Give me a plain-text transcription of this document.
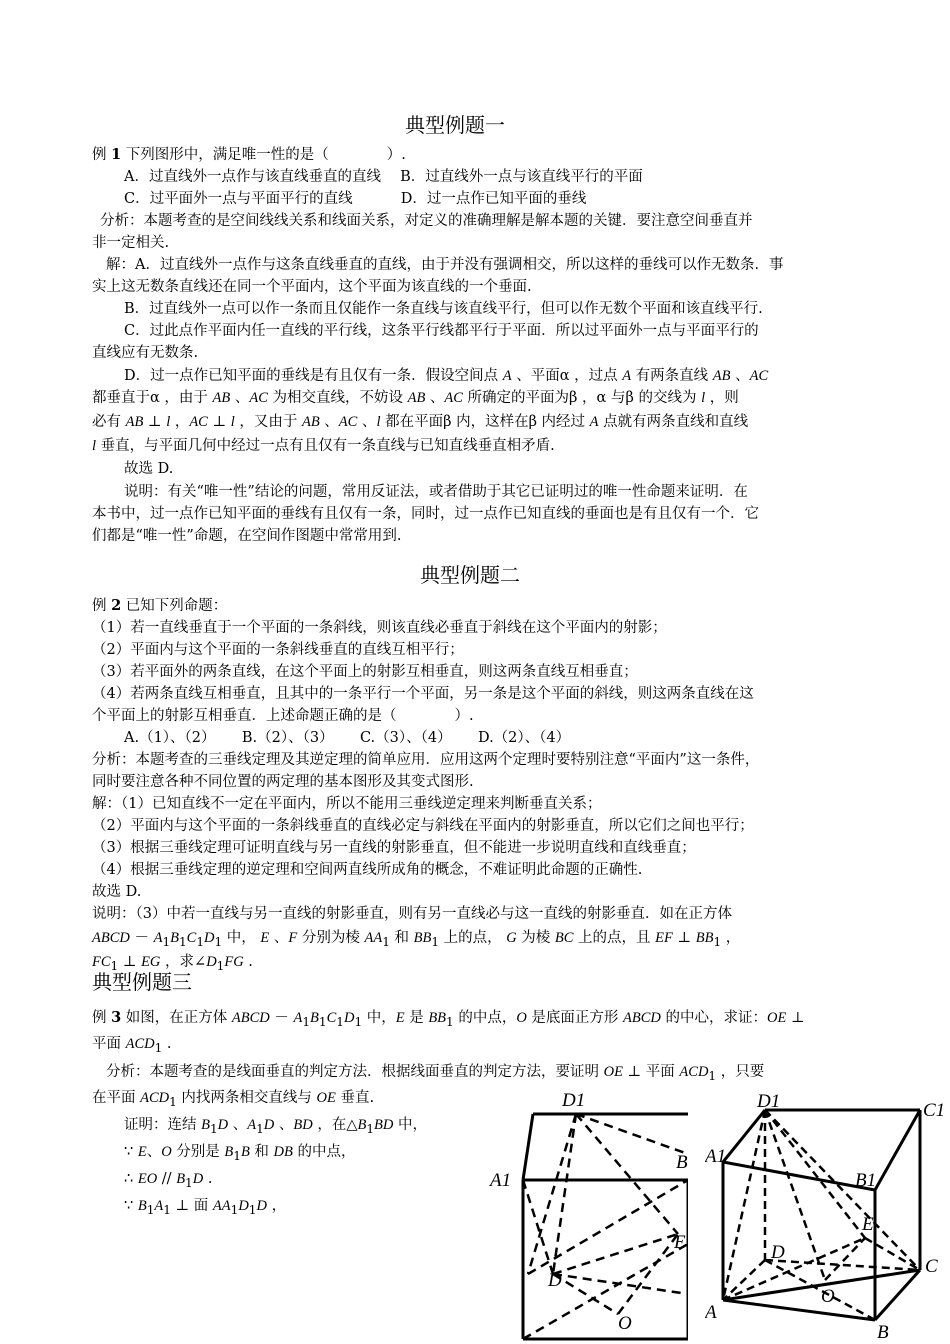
典型例题一
例 1 下列图形中，满足唯一性的是（　　　　）.
A．过直线外一点作与该直线垂直的直线　 B．过直线外一点与该直线平行的平面
C．过平面外一点与平面平行的直线　　　 D．过一点作已知平面的垂线
分析：本题考查的是空间线线关系和线面关系，对定义的准确理解是解本题的关键．要注意空间垂直并
非一定相关.
解：A．过直线外一点作与这条直线垂直的直线，由于并没有强调相交，所以这样的垂线可以作无数条．事
实上这无数条直线还在同一个平面内，这个平面为该直线的一个垂面.
B．过直线外一点可以作一条而且仅能作一条直线与该直线平行，但可以作无数个平面和该直线平行.
C．过此点作平面内任一直线的平行线，这条平行线都平行于平面．所以过平面外一点与平面平行的
直线应有无数条.
D．过一点作已知平面的垂线是有且仅有一条．假设空间点 A 、平面α ，过点 A 有两条直线 AB 、AC
都垂直于α ，由于 AB 、AC 为相交直线，不妨设 AB 、AC 所确定的平面为β ，α 与β 的交线为 l ，则
必有 AB ⊥ l ，AC ⊥ l ，又由于 AB 、AC 、l 都在平面β 内，这样在β 内经过 A 点就有两条直线和直线
l 垂直，与平面几何中经过一点有且仅有一条直线与已知直线垂直相矛盾.
故选 D.
说明：有关“唯一性”结论的问题，常用反证法，或者借助于其它已证明过的唯一性命题来证明．在
本书中，过一点作已知平面的垂线有且仅有一条，同时，过一点作已知直线的垂面也是有且仅有一个．它
们都是“唯一性”命题，在空间作图题中常常用到.
典型例题二
例 2 已知下列命题：
（1）若一直线垂直于一个平面的一条斜线，则该直线必垂直于斜线在这个平面内的射影；
（2）平面内与这个平面的一条斜线垂直的直线互相平行；
（3）若平面外的两条直线，在这个平面上的射影互相垂直，则这两条直线互相垂直；
（4）若两条直线互相垂直，且其中的一条平行一个平面，另一条是这个平面的斜线，则这两条直线在这
个平面上的射影互相垂直．上述命题正确的是（　　　　）.
A.（1）、（2）　　 B.（2）、（3）　　 C.（3）、（4）　　 D.（2）、（4）
分析：本题考查的三垂线定理及其逆定理的简单应用．应用这两个定理时要特别注意“平面内”这一条件，
同时要注意各种不同位置的两定理的基本图形及其变式图形.
解：（1）已知直线不一定在平面内，所以不能用三垂线逆定理来判断垂直关系；
（2）平面内与这个平面的一条斜线垂直的直线必定与斜线在平面内的射影垂直，所以它们之间也平行；
（3）根据三垂线定理可证明直线与另一直线的射影垂直，但不能进一步说明直线和直线垂直；
（4）根据三垂线定理的逆定理和空间两直线所成角的概念，不难证明此命题的正确性.
故选 D.
说明：（3）中若一直线与另一直线的射影垂直，则有另一直线必与这一直线的射影垂直．如在正方体
ABCD － $A_1B_1C_1D_1$ 中， E 、F 分别为棱 $AA_1$ 和 $BB_1$ 上的点， G 为棱 BC 上的点，且 EF ⊥ $BB_1$ ，
$FC_1$ ⊥ EG ，求$\angle D_1FG$ .
典型例题三
例 3 如图，在正方体 ABCD － $A_1B_1C_1D_1$ 中，E 是 $BB_1$ 的中点，O 是底面正方形 ABCD 的中心，求证：OE ⊥
平面 $ACD_1$ .
分析：本题考查的是线面垂直的判定方法．根据线面垂直的判定方法，要证明 OE ⊥ 平面 $ACD_1$ ，只要
在平面 $ACD_1$ 内找两条相交直线与 OE 垂直.
证明：连结 $B_1D$ 、$A_1D$ 、BD ，在$\triangle B_1BD$ 中，
∵ E、O 分别是 $B_1B$ 和 DB 的中点，
∴ EO // $B_1D$ .
∵ $B_1A_1$ ⊥ 面 $AA_1D_1D$ ，
D1
B
A1
E
D
O
D1	C1
A1
B1
E
D
C
O
A
B
